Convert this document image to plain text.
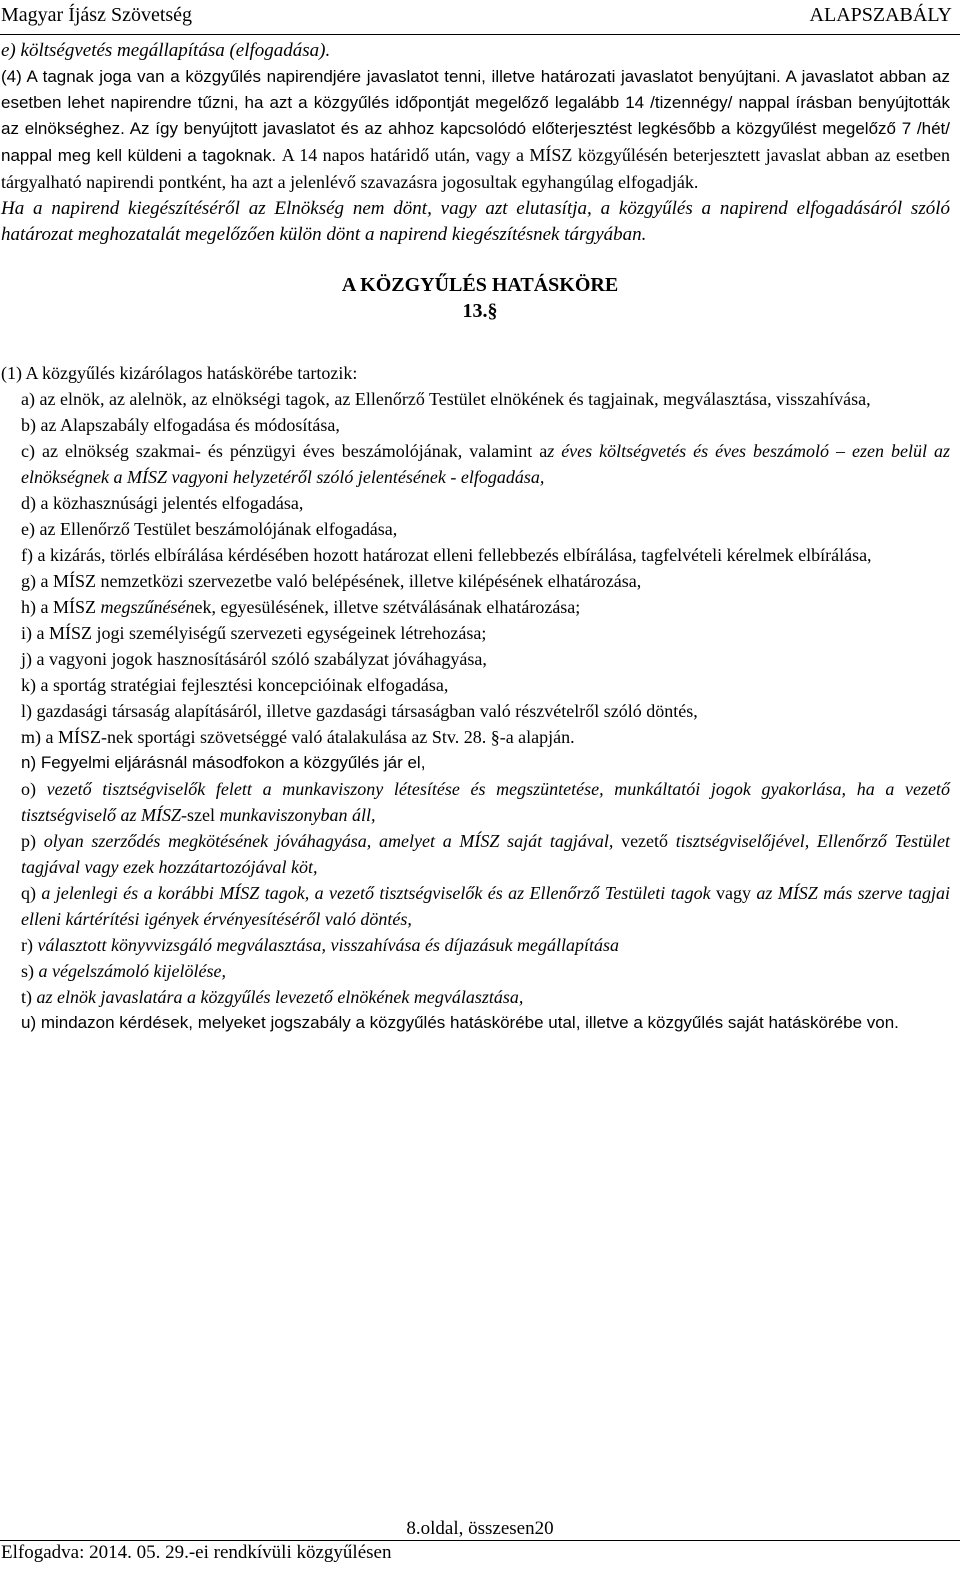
Magyar Íjász Szövetség	ALAPSZABÁLY

e) költségvetés megállapítása (elfogadása).

(4) A tagnak joga van a közgyűlés napirendjére javaslatot tenni, illetve határozati javaslatot benyújtani. A javaslatot abban az esetben lehet napirendre tűzni, ha azt a közgyűlés időpontját megelőző legalább 14 /tizennégy/ nappal írásban benyújtották az elnökséghez. Az így benyújtott javaslatot és az ahhoz kapcsolódó előterjesztést legkésőbb a közgyűlést megelőző 7 /hét/ nappal meg kell küldeni a tagoknak. A 14 napos határidő után, vagy a MÍSZ közgyűlésén beterjesztett javaslat abban az esetben tárgyalható napirendi pontként, ha azt a jelenlévő szavazásra jogosultak egyhangúlag elfogadják.

Ha a napirend kiegészítéséről az Elnökség nem dönt, vagy azt elutasítja, a közgyűlés a napirend elfogadásáról szóló határozat meghozatalát megelőzően külön dönt a napirend kiegészítésnek tárgyában.

A KÖZGYŰLÉS HATÁSKÖRE

13.§

(1) A közgyűlés kizárólagos hatáskörébe tartozik:

a) az elnök, az alelnök, az elnökségi tagok, az Ellenőrző Testület elnökének és tagjainak, megválasztása, visszahívása,

b) az Alapszabály elfogadása és módosítása,

c) az elnökség szakmai- és pénzügyi éves beszámolójának, valamint az éves költségvetés és éves beszámoló – ezen belül az elnökségnek a MÍSZ vagyoni helyzetéről szóló jelentésének - elfogadása,

d) a közhasznúsági jelentés elfogadása,

e) az Ellenőrző Testület beszámolójának elfogadása,

f) a kizárás, törlés elbírálása kérdésében hozott határozat elleni fellebbezés elbírálása, tagfelvételi kérelmek elbírálása,

g) a MÍSZ nemzetközi szervezetbe való belépésének, illetve kilépésének elhatározása,

h) a MÍSZ megszűnésének, egyesülésének, illetve szétválásának elhatározása;

i) a MÍSZ jogi személyiségű szervezeti egységeinek létrehozása;

j) a vagyoni jogok hasznosításáról szóló szabályzat jóváhagyása,

k) a sportág stratégiai fejlesztési koncepcióinak elfogadása,

l) gazdasági társaság alapításáról, illetve gazdasági társaságban való részvételről szóló döntés,

m) a MÍSZ-nek sportági szövetséggé való átalakulása az Stv. 28. §-a alapján.

n) Fegyelmi eljárásnál másodfokon a közgyűlés jár el,

o) vezető tisztségviselők felett a munkaviszony létesítése és megszüntetése, munkáltatói jogok gyakorlása, ha a vezető tisztségviselő az MÍSZ-szel munkaviszonyban áll,

p) olyan szerződés megkötésének jóváhagyása, amelyet a MÍSZ saját tagjával, vezető tisztségviselőjével, Ellenőrző Testület tagjával vagy ezek hozzátartozójával köt,

q) a jelenlegi és a korábbi MÍSZ tagok, a vezető tisztségviselők és az Ellenőrző Testületi tagok vagy az MÍSZ más szerve tagjai elleni kártérítési igények érvényesítéséről való döntés,

r) választott könyvvizsgáló megválasztása, visszahívása és díjazásuk megállapítása

s) a végelszámoló kijelölése,

t) az elnök javaslatára a közgyűlés levezető elnökének megválasztása,

u) mindazon kérdések, melyeket jogszabály a közgyűlés hatáskörébe utal, illetve a közgyűlés saját hatáskörébe von.

8.oldal, összesen20
Elfogadva: 2014. 05. 29.-ei rendkívüli közgyűlésen
